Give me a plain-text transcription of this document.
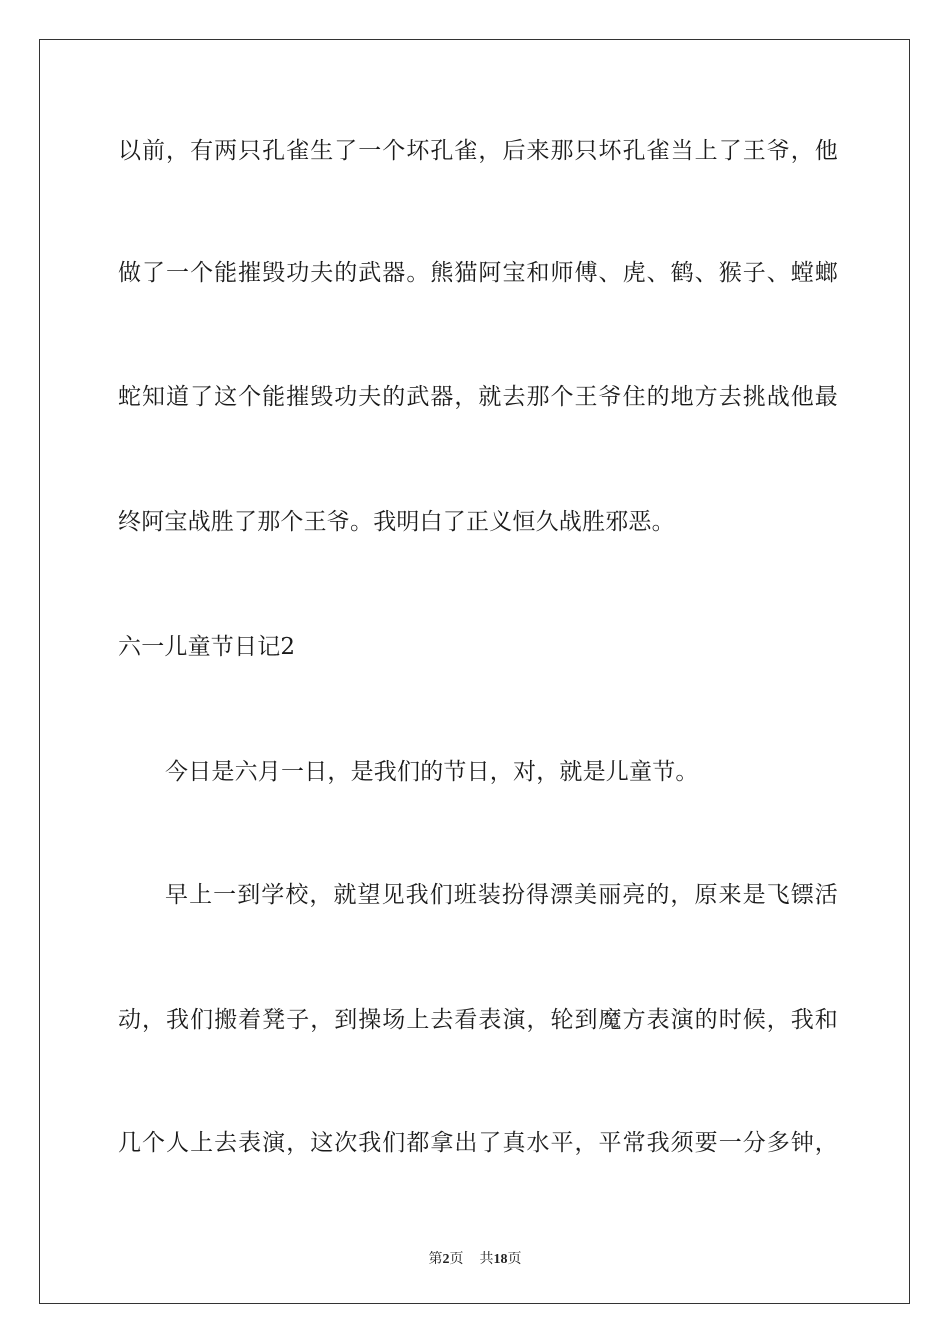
以前，有两只孔雀生了一个坏孔雀，后来那只坏孔雀当上了王爷，他
做了一个能摧毁功夫的武器。熊猫阿宝和师傅、虎、鹤、猴子、螳螂
蛇知道了这个能摧毁功夫的武器，就去那个王爷住的地方去挑战他最
终阿宝战胜了那个王爷。我明白了正义恒久战胜邪恶。
六一儿童节日记2
今日是六月一日，是我们的节日，对，就是儿童节。
早上一到学校，就望见我们班装扮得漂美丽亮的，原来是飞镖活
动，我们搬着凳子，到操场上去看表演，轮到魔方表演的时候，我和
几个人上去表演，这次我们都拿出了真水平，平常我须要一分多钟，
第2页 共18页
